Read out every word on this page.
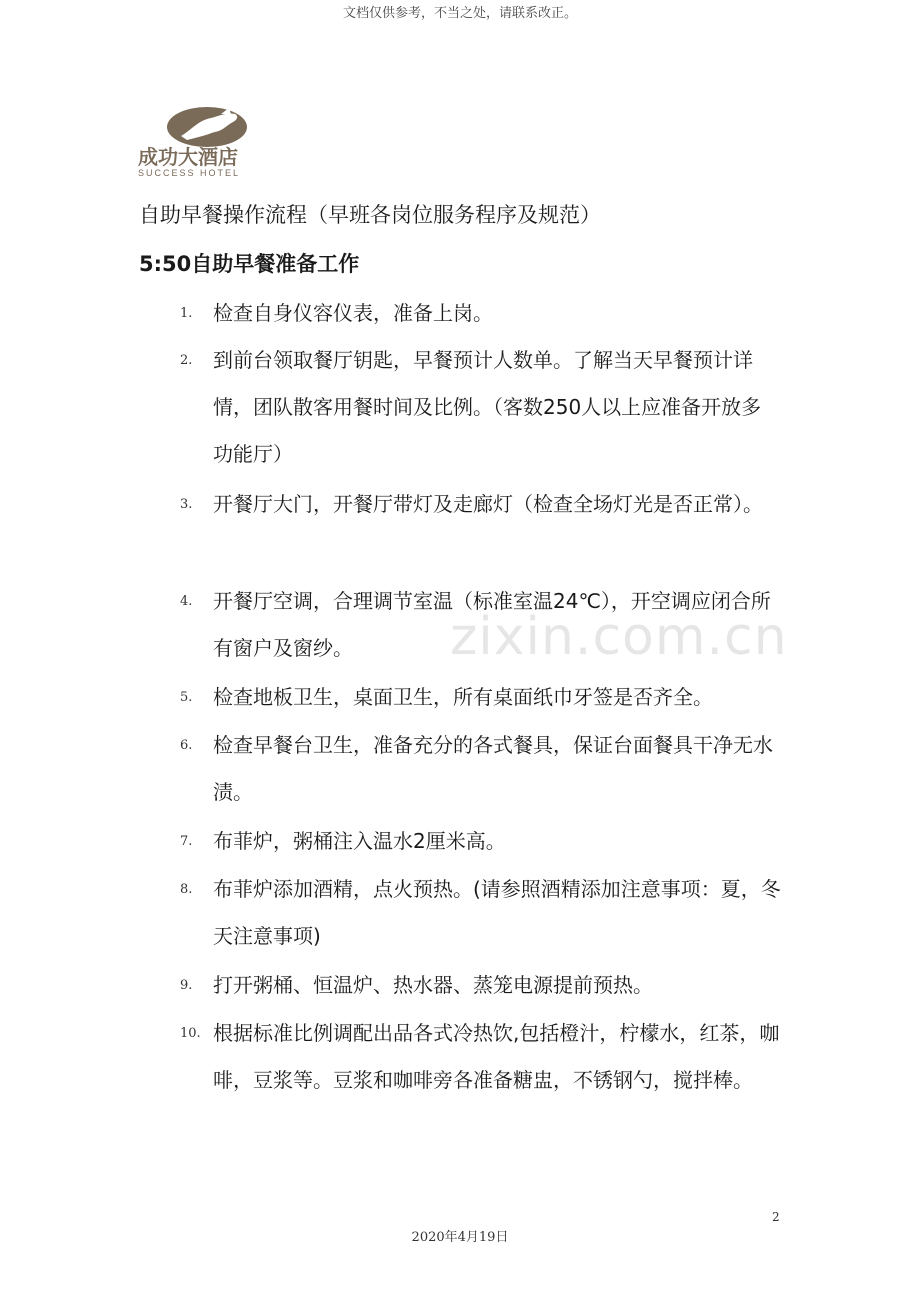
文档仅供参考，不当之处，请联系改正。
成功大酒店
SUCCESS HOTEL
自助早餐操作流程（早班各岗位服务程序及规范）
5:50自助早餐准备工作
zixin.com.cn
1.	检查自身仪容仪表，准备上岗。
2.	到前台领取餐厅钥匙，早餐预计人数单。了解当天早餐预计详情，团队散客用餐时间及比例。（客数250人以上应准备开放多功能厅）
3.	开餐厅大门，开餐厅带灯及走廊灯（检查全场灯光是否正常）。
4.	开餐厅空调，合理调节室温（标准室温24℃），开空调应闭合所有窗户及窗纱。
5.	检查地板卫生，桌面卫生，所有桌面纸巾牙签是否齐全。
6.	检查早餐台卫生，准备充分的各式餐具，保证台面餐具干净无水渍。
7.	布菲炉，粥桶注入温水2厘米高。
8.	布菲炉添加酒精，点火预热。(请参照酒精添加注意事项：夏，冬天注意事项)
9.	打开粥桶、恒温炉、热水器、蒸笼电源提前预热。
10. 根据标准比例调配出品各式冷热饮,包括橙汁，柠檬水，红茶，咖啡，豆浆等。豆浆和咖啡旁各准备糖盅，不锈钢勺，搅拌棒。
2
2020年4月19日
